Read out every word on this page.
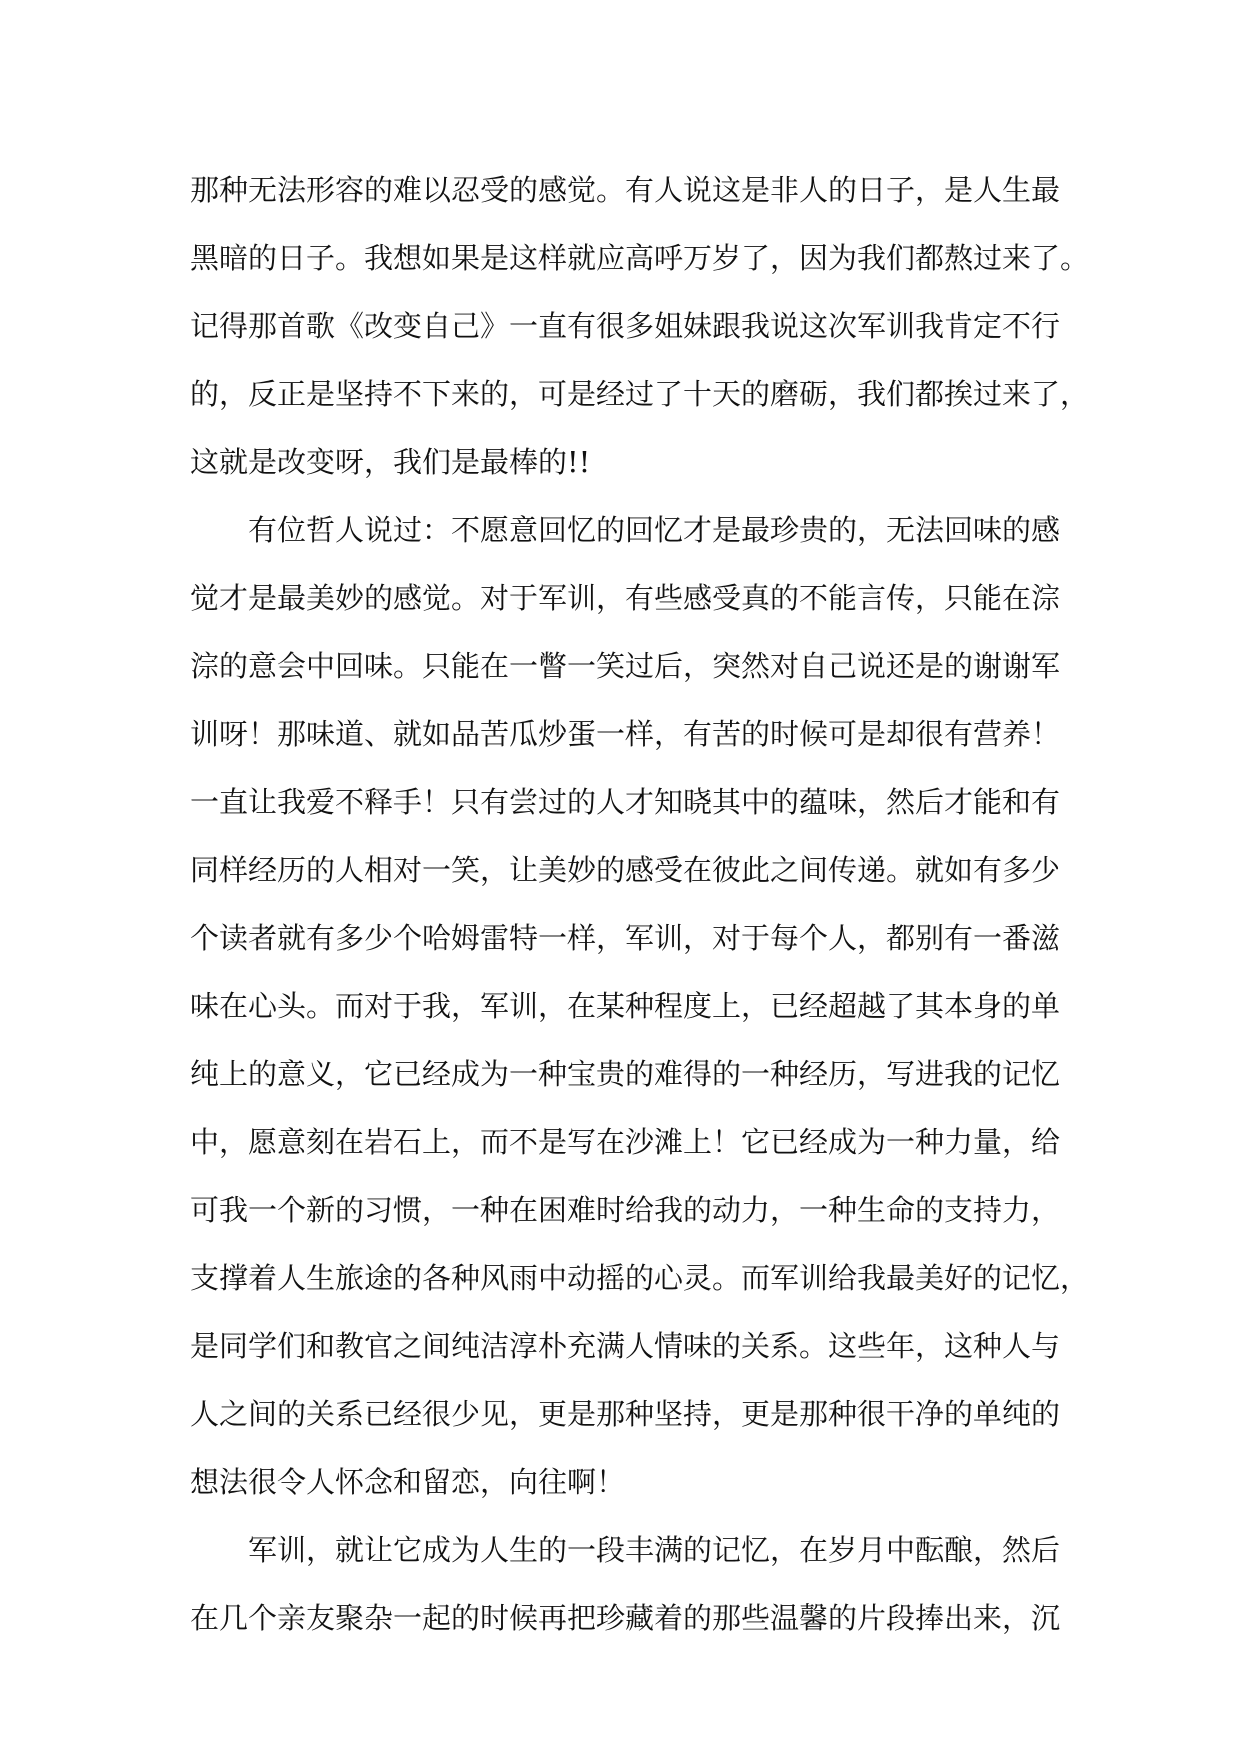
那种无法形容的难以忍受的感觉。有人说这是非人的日子，是人生最
黑暗的日子。我想如果是这样就应高呼万岁了，因为我们都熬过来了。
记得那首歌《改变自己》一直有很多姐妹跟我说这次军训我肯定不行
的，反正是坚持不下来的，可是经过了十天的磨砺，我们都挨过来了，
这就是改变呀，我们是最棒的!!
有位哲人说过：不愿意回忆的回忆才是最珍贵的，无法回味的感
觉才是最美妙的感觉。对于军训，有些感受真的不能言传，只能在淙
淙的意会中回味。只能在一瞥一笑过后，突然对自己说还是的谢谢军
训呀！那味道、就如品苦瓜炒蛋一样，有苦的时候可是却很有营养！
一直让我爱不释手！只有尝过的人才知晓其中的蕴味，然后才能和有
同样经历的人相对一笑，让美妙的感受在彼此之间传递。就如有多少
个读者就有多少个哈姆雷特一样，军训，对于每个人，都别有一番滋
味在心头。而对于我，军训，在某种程度上，已经超越了其本身的单
纯上的意义，它已经成为一种宝贵的难得的一种经历，写进我的记忆
中，愿意刻在岩石上，而不是写在沙滩上！它已经成为一种力量，给
可我一个新的习惯，一种在困难时给我的动力，一种生命的支持力，
支撑着人生旅途的各种风雨中动摇的心灵。而军训给我最美好的记忆，
是同学们和教官之间纯洁淳朴充满人情味的关系。这些年，这种人与
人之间的关系已经很少见，更是那种坚持，更是那种很干净的单纯的
想法很令人怀念和留恋，向往啊！
军训，就让它成为人生的一段丰满的记忆，在岁月中酝酿，然后
在几个亲友聚杂一起的时候再把珍藏着的那些温馨的片段捧出来，沉
